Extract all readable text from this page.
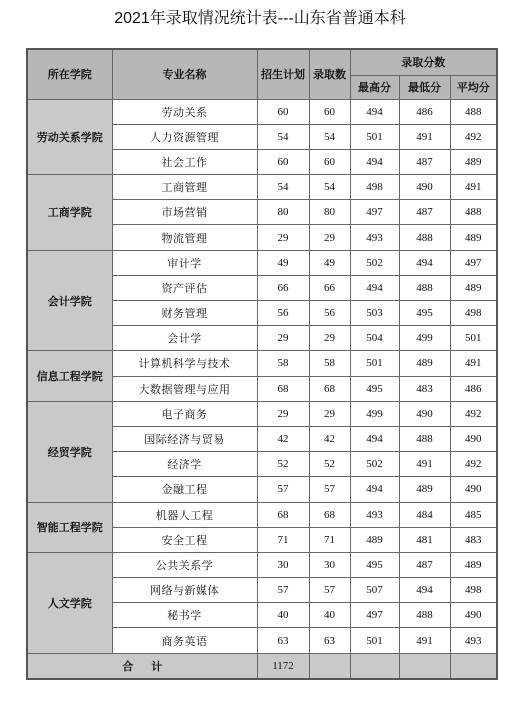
2021年录取情况统计表---山东省普通本科
所在学院	专业名称	招生计划	录取数	录取分数		
				最高分	最低分	平均分
劳动关系学院	劳动关系	60	60	494	486	488
	人力资源管理	54	54	501	491	492
	社会工作	60	60	494	487	489
工商学院	工商管理	54	54	498	490	491
	市场营销	80	80	497	487	488
	物流管理	29	29	493	488	489
会计学院	审计学	49	49	502	494	497
	资产评估	66	66	494	488	489
	财务管理	56	56	503	495	498
	会计学	29	29	504	499	501
信息工程学院	计算机科学与技术	58	58	501	489	491
	大数据管理与应用	68	68	495	483	486
经贸学院	电子商务	29	29	499	490	492
	国际经济与贸易	42	42	494	488	490
	经济学	52	52	502	491	492
	金融工程	57	57	494	489	490
智能工程学院	机器人工程	68	68	493	484	485
	安全工程	71	71	489	481	483
人文学院	公共关系学	30	30	495	487	489
	网络与新媒体	57	57	507	494	498
	秘书学	40	40	497	488	490
	商务英语	63	63	501	491	493
合计		1172				
